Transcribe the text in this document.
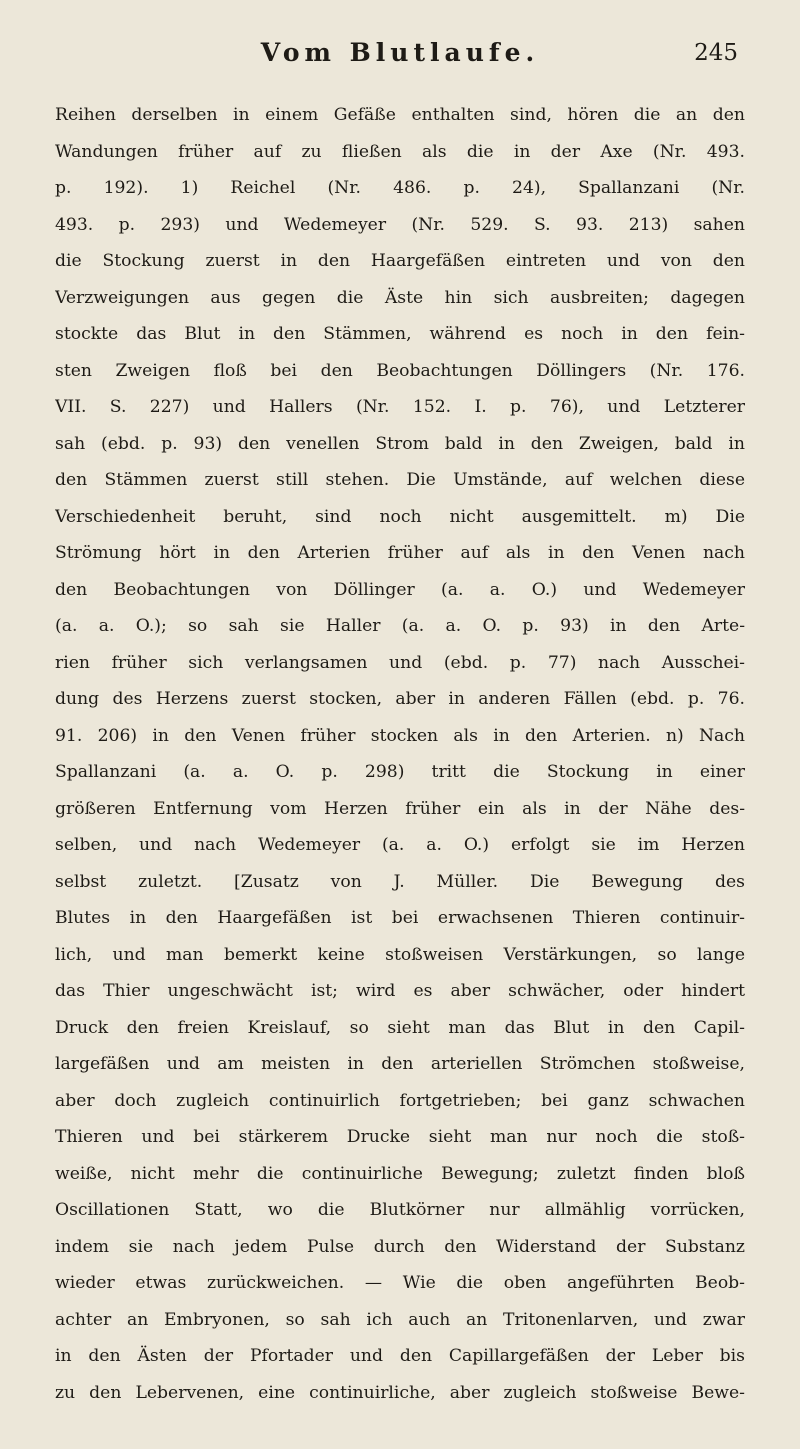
Vom Blutlaufe.	245
Reihen derselben in einem Gefäße enthalten sind, hören die an den
Wandungen früher auf zu fließen als die in der Axe (Nr. 493.
p. 192). 1) Reichel (Nr. 486. p. 24), Spallanzani (Nr.
493. p. 293) und Wedemeyer (Nr. 529. S. 93. 213) sahen
die Stockung zuerst in den Haargefäßen eintreten und von den
Verzweigungen aus gegen die Äste hin sich ausbreiten; dagegen
stockte das Blut in den Stämmen, während es noch in den fein-
sten Zweigen floß bei den Beobachtungen Döllingers (Nr. 176.
VII. S. 227) und Hallers (Nr. 152. I. p. 76), und Letzterer
sah (ebd. p. 93) den venellen Strom bald in den Zweigen, bald in
den Stämmen zuerst still stehen. Die Umstände, auf welchen diese
Verschiedenheit beruht, sind noch nicht ausgemittelt. m) Die
Strömung hört in den Arterien früher auf als in den Venen nach
den Beobachtungen von Döllinger (a. a. O.) und Wedemeyer
(a. a. O.); so sah sie Haller (a. a. O. p. 93) in den Arte-
rien früher sich verlangsamen und (ebd. p. 77) nach Ausschei-
dung des Herzens zuerst stocken, aber in anderen Fällen (ebd. p. 76.
91. 206) in den Venen früher stocken als in den Arterien. n) Nach
Spallanzani (a. a. O. p. 298) tritt die Stockung in einer
größeren Entfernung vom Herzen früher ein als in der Nähe des-
selben, und nach Wedemeyer (a. a. O.) erfolgt sie im Herzen
selbst zuletzt. [Zusatz von J. Müller. Die Bewegung des
Blutes in den Haargefäßen ist bei erwachsenen Thieren continuir-
lich, und man bemerkt keine stoßweisen Verstärkungen, so lange
das Thier ungeschwächt ist; wird es aber schwächer, oder hindert
Druck den freien Kreislauf, so sieht man das Blut in den Capil-
largefäßen und am meisten in den arteriellen Strömchen stoßweise,
aber doch zugleich continuirlich fortgetrieben; bei ganz schwachen
Thieren und bei stärkerem Drucke sieht man nur noch die stoß-
weiße, nicht mehr die continuirliche Bewegung; zuletzt finden bloß
Oscillationen Statt, wo die Blutkörner nur allmählig vorrücken,
indem sie nach jedem Pulse durch den Widerstand der Substanz
wieder etwas zurückweichen. — Wie die oben angeführten Beob-
achter an Embryonen, so sah ich auch an Tritonenlarven, und zwar
in den Ästen der Pfortader und den Capillargefäßen der Leber bis
zu den Lebervenen, eine continuirliche, aber zugleich stoßweise Bewe-
